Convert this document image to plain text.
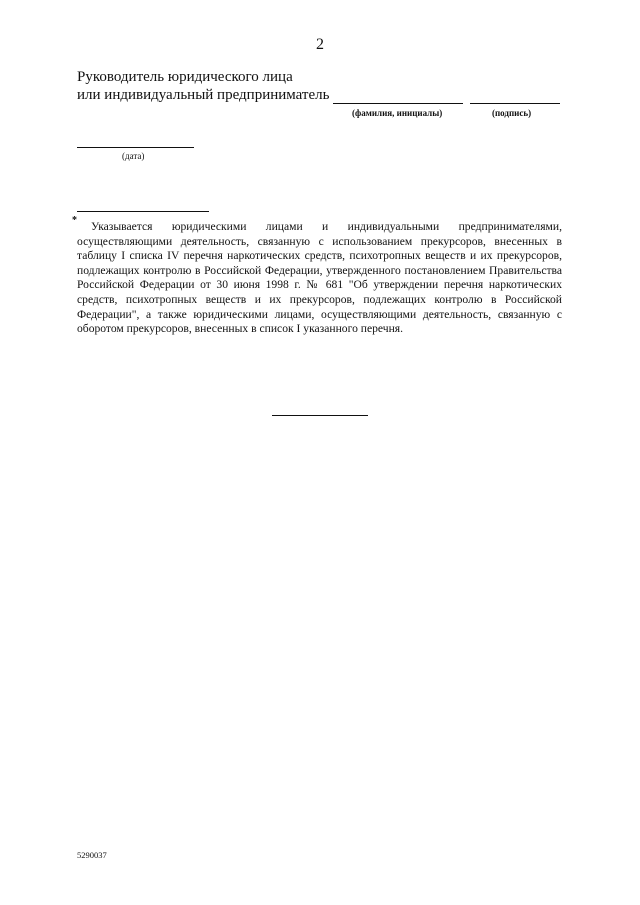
2
Руководитель юридического лица
или индивидуальный предприниматель
(фамилия, инициалы)	(подпись)
(дата)
*	Указывается юридическими лицами и индивидуальными предпринимателями, осуществляющими деятельность, связанную с использованием прекурсоров, внесенных в таблицу I списка IV перечня наркотических средств, психотропных веществ и их прекурсоров, подлежащих контролю в Российской Федерации, утвержденного постановлением Правительства Российской Федерации от 30 июня 1998 г. № 681 "Об утверждении перечня наркотических средств, психотропных веществ и их прекурсоров, подлежащих контролю в Российской Федерации", а также юридическими лицами, осуществляющими деятельность, связанную с оборотом прекурсоров, внесенных в список I указанного перечня.

5290037
